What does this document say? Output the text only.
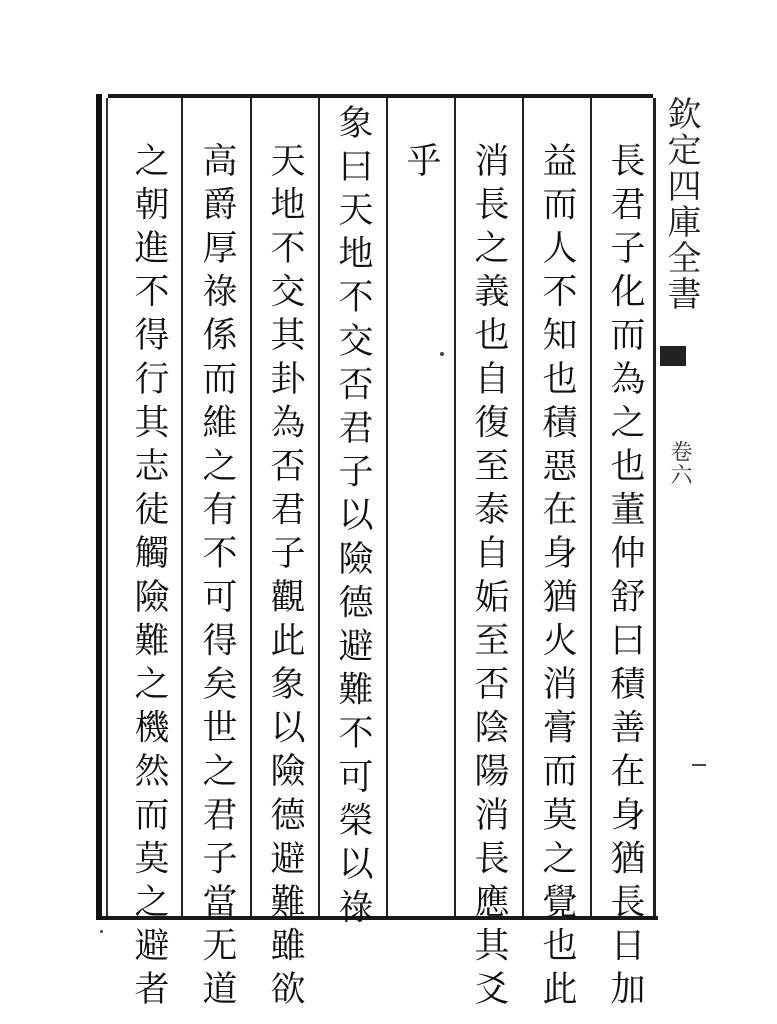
欽定四庫全書
卷六
長君子化而為之也董仲舒曰積善在身猶長日加
益而人不知也積惡在身猶火消膏而莫之覺也此
消長之義也自復至泰自姤至否陰陽消長應其爻
乎
象曰天地不交否君子以險德避難不可榮以祿
天地不交其卦為否君子觀此象以險德避難雖欲
高爵厚祿係而維之有不可得矣世之君子當无道
之朝進不得行其志徒觸險難之機然而莫之避者
